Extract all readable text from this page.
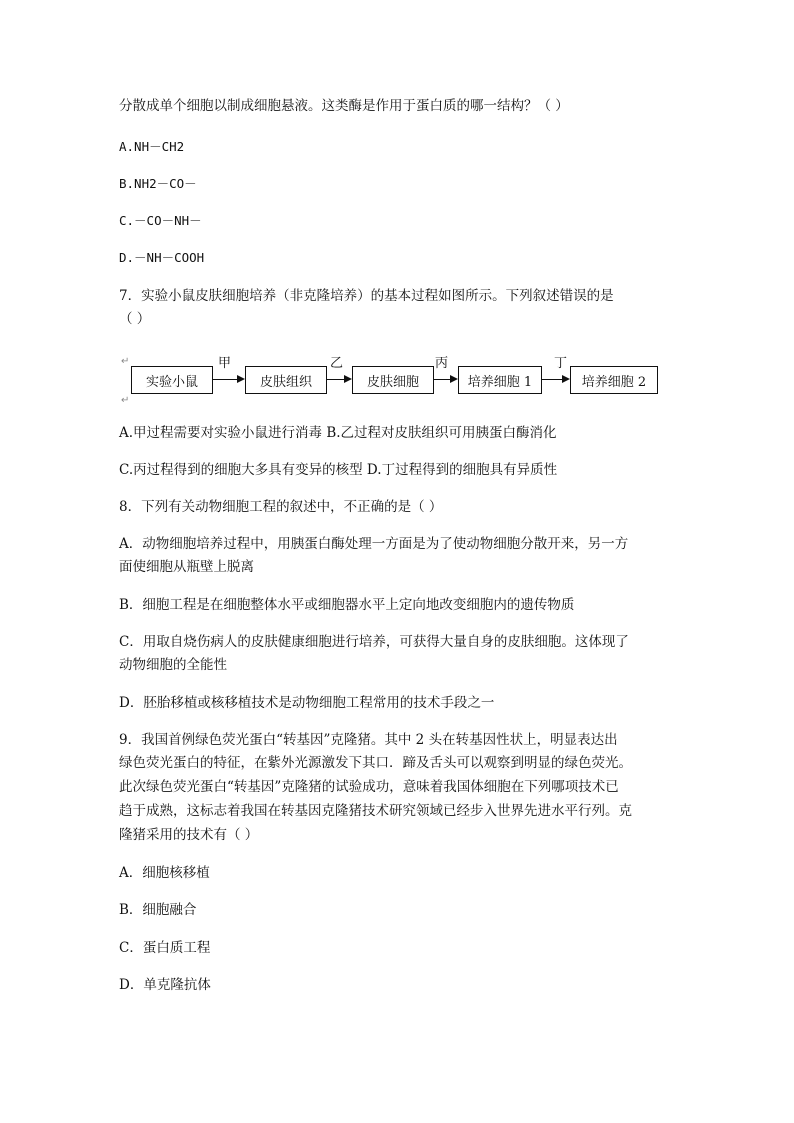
分散成单个细胞以制成细胞悬液。这类酶是作用于蛋白质的哪一结构？（ ）
A.NH－CH2
B.NH2－CO－
C.－CO－NH－
D.－NH－COOH
7．实验小鼠皮肤细胞培养（非克隆培养）的基本过程如图所示。下列叙述错误的是
（ ）
↵
↵
实验小鼠	皮肤组织	皮肤细胞	培养细胞 1	培养细胞 2
甲	乙	丙	丁
A.甲过程需要对实验小鼠进行消毒 B.乙过程对皮肤组织可用胰蛋白酶消化
C.丙过程得到的细胞大多具有变异的核型 D.丁过程得到的细胞具有异质性
8．下列有关动物细胞工程的叙述中，不正确的是（ ）
A．动物细胞培养过程中，用胰蛋白酶处理一方面是为了使动物细胞分散开来，另一方
面使细胞从瓶壁上脱离
B．细胞工程是在细胞整体水平或细胞器水平上定向地改变细胞内的遗传物质
C．用取自烧伤病人的皮肤健康细胞进行培养，可获得大量自身的皮肤细胞。这体现了
动物细胞的全能性
D．胚胎移植或核移植技术是动物细胞工程常用的技术手段之一
9．我国首例绿色荧光蛋白“转基因”克隆猪。其中 2 头在转基因性状上，明显表达出
绿色荧光蛋白的特征，在紫外光源激发下其口．蹄及舌头可以观察到明显的绿色荧光。
此次绿色荧光蛋白“转基因”克隆猪的试验成功，意味着我国体细胞在下列哪项技术已
趋于成熟，这标志着我国在转基因克隆猪技术研究领域已经步入世界先进水平行列。克
隆猪采用的技术有（ ）
A．细胞核移植
B．细胞融合
C．蛋白质工程
D．单克隆抗体
